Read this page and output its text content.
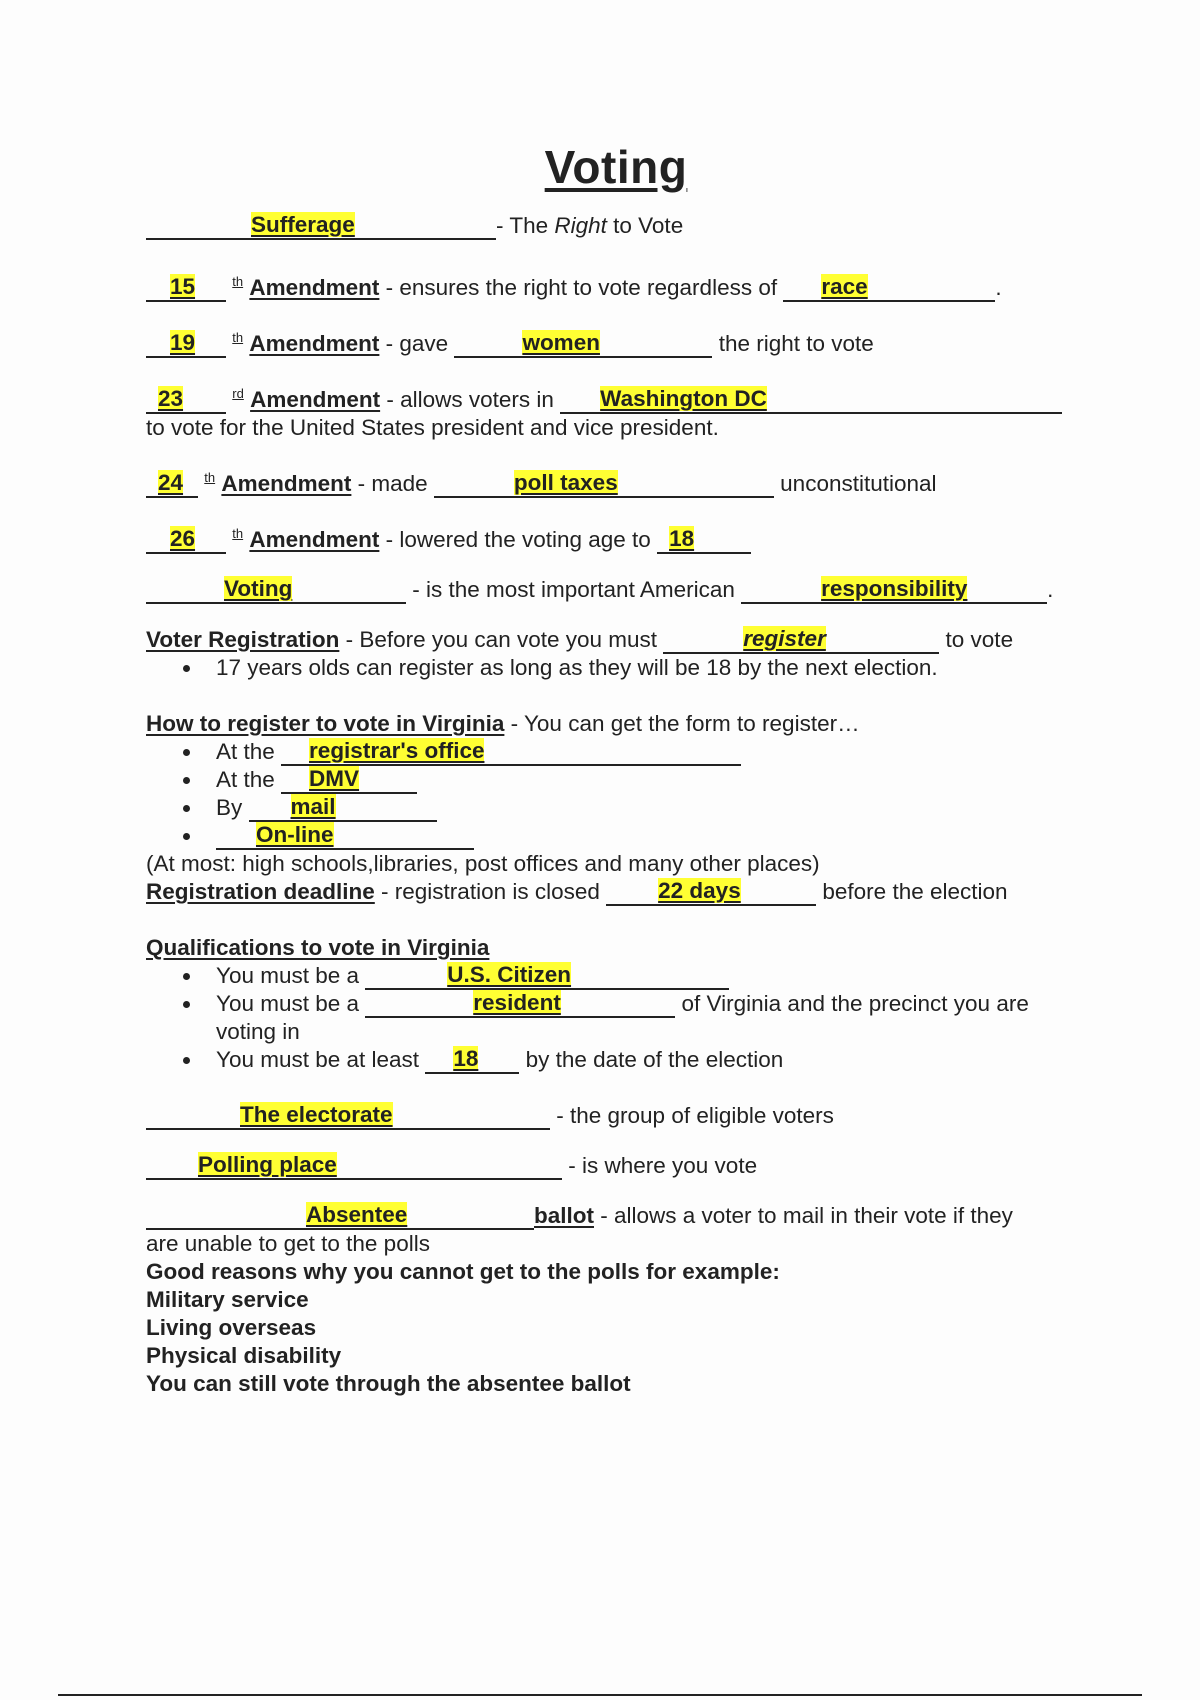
Voting
Sufferage	- The Right to Vote
15	$^{th}$ Amendment - ensures the right to vote regardless of race	.
19	$^{th}$ Amendment - gave	women	the right to vote
23	$^{rd}$ Amendment - allows voters in Washington DC
to vote for the United States president and vice president.
24 $^{th}$ Amendment - made	poll taxes	unconstitutional
26	$^{th}$ Amendment - lowered the voting age to 18
Voting	- is the most important American	responsibility	.
Voter Registration - Before you can vote you must	register	to vote
17 years olds can register as long as they will be 18 by the next election.
How to register to vote in Virginia - You can get the form to register…
At the registrar's office
At the DMV
By mail
On-line
(At most: high schools,libraries, post offices and many other places)
Registration deadline - registration is closed 22 days	before the election
Qualifications to vote in Virginia
You must be a	U.S. Citizen
You must be a	resident	of Virginia and the precinct you are
voting in
You must be at least 18 by the date of the election
The electorate	- the group of eligible voters
Polling place	- is where you vote
Absentee	ballot - allows a voter to mail in their vote if they
are unable to get to the polls
Good reasons why you cannot get to the polls for example:
Military service
Living overseas
Physical disability
You can still vote through the absentee ballot
